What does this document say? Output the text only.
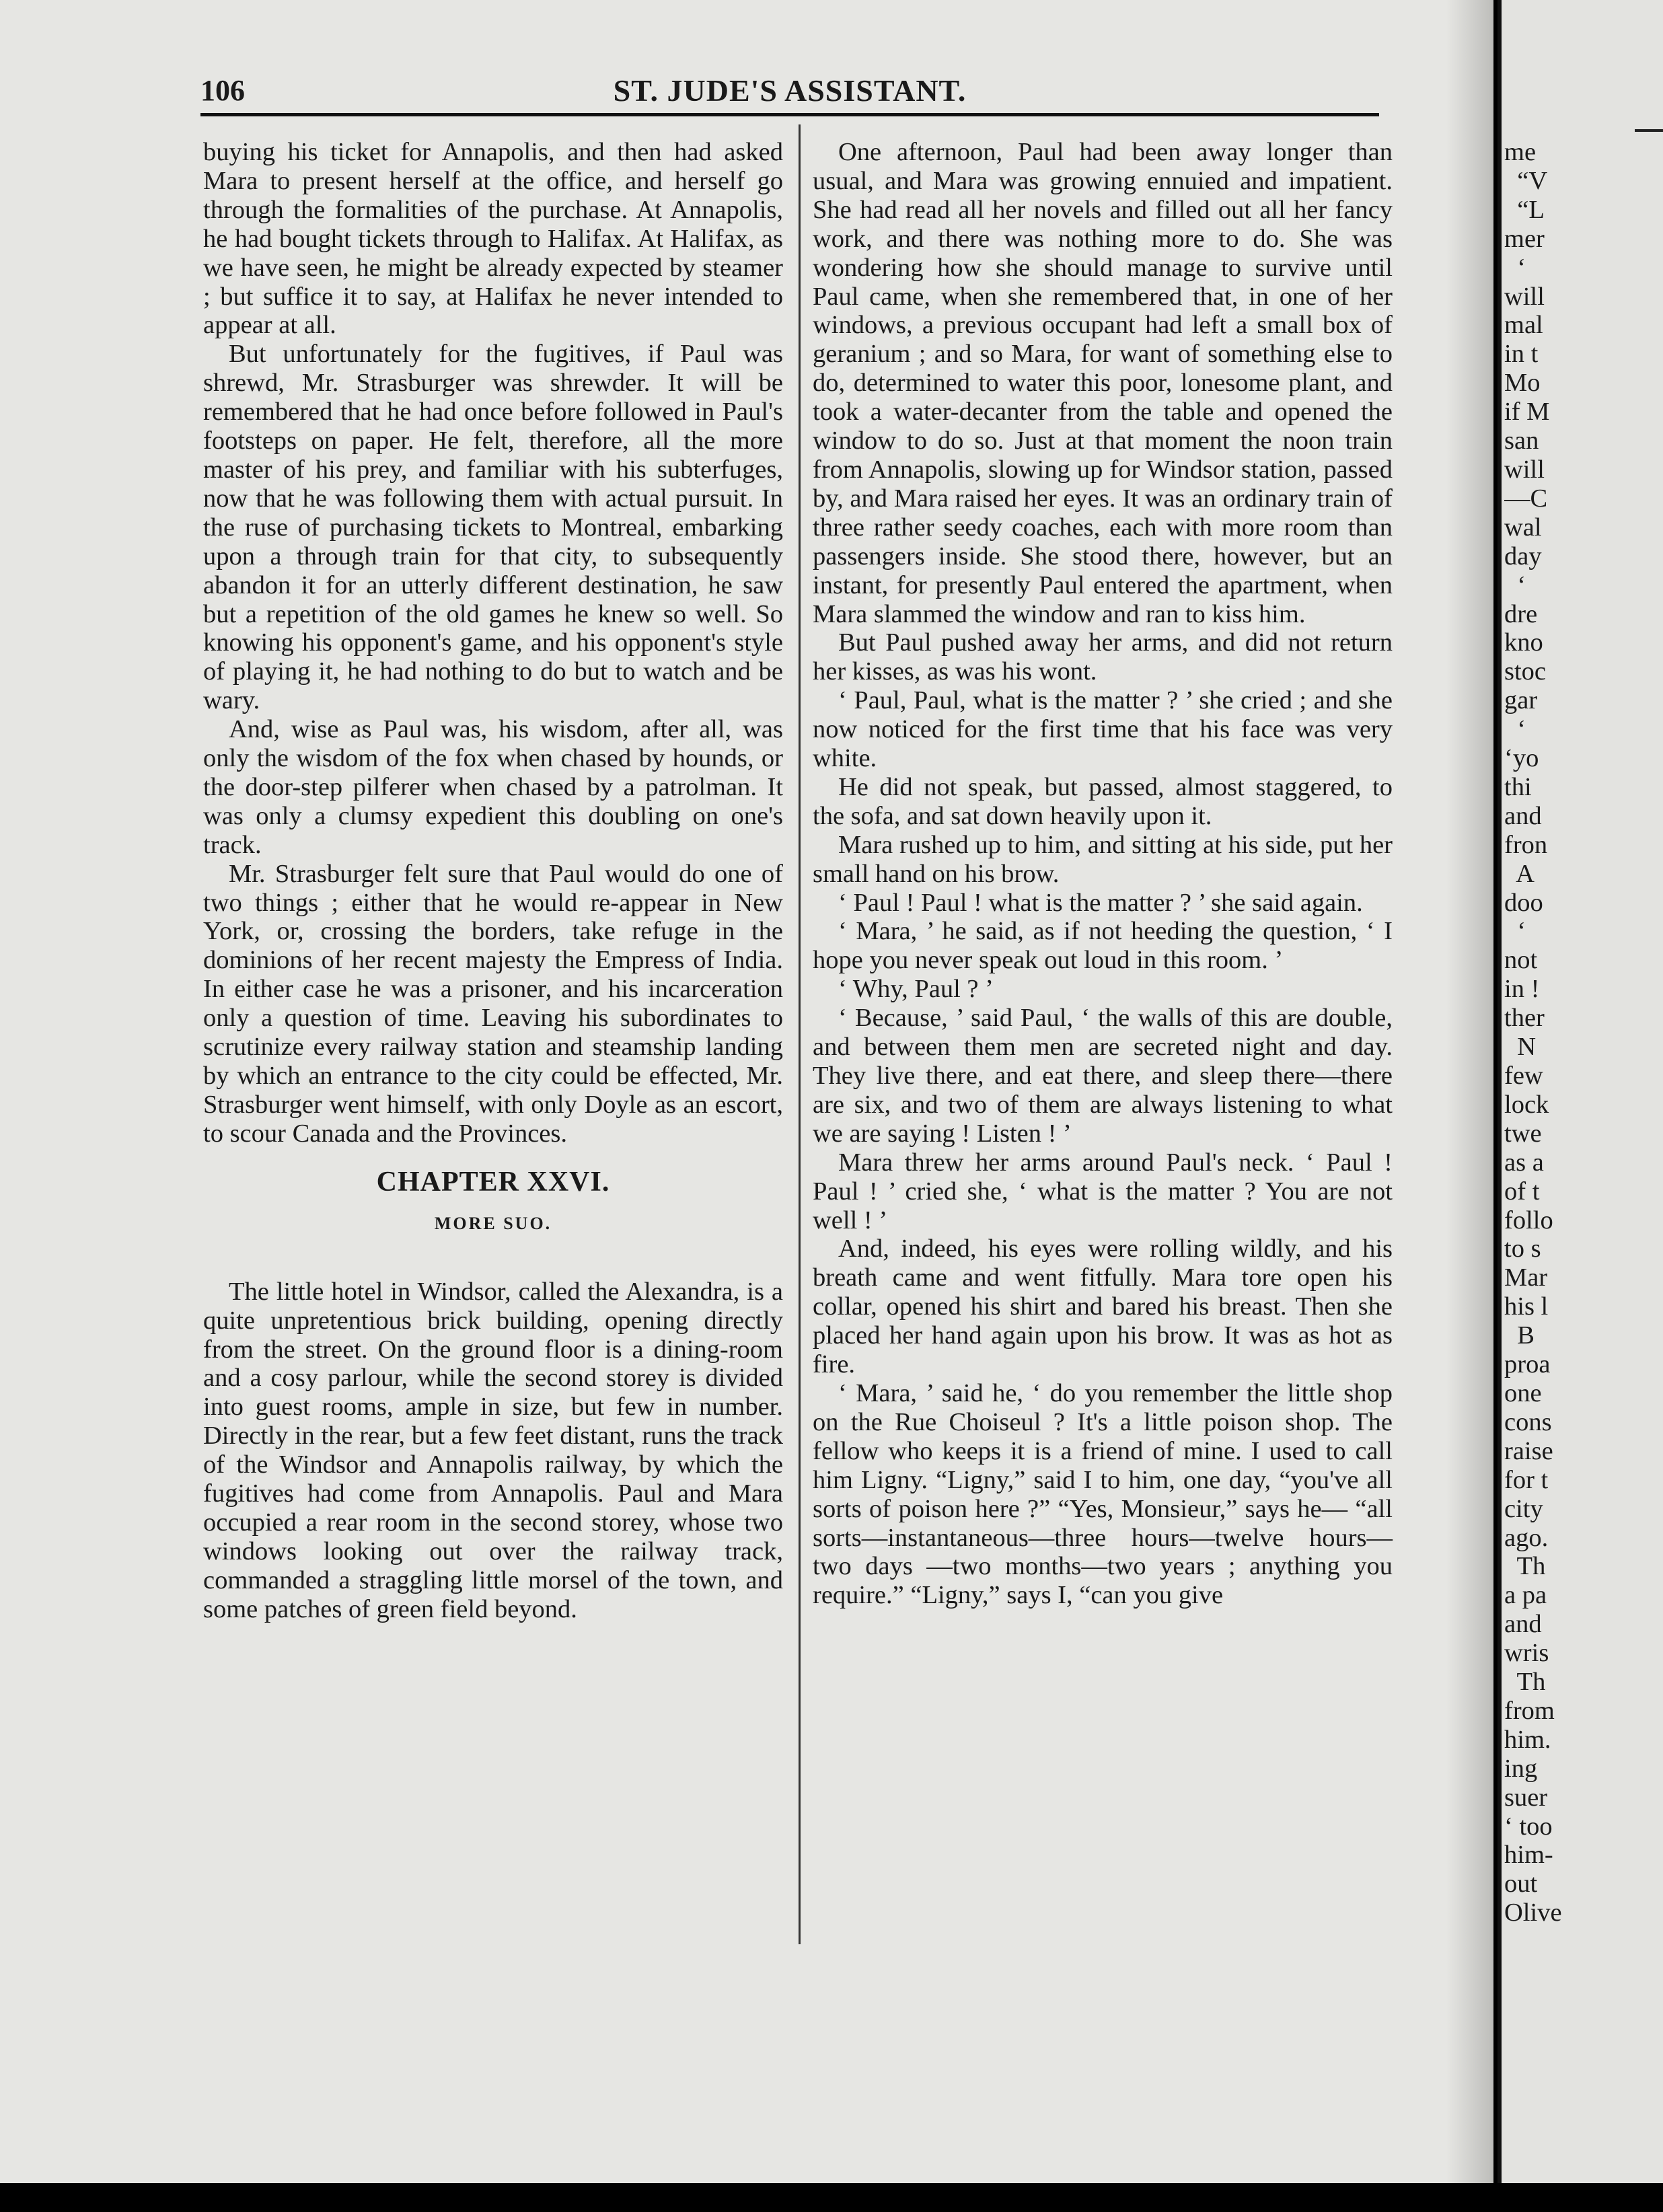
106	ST. JUDE'S ASSISTANT.

buying his ticket for Annapolis, and then had asked Mara to present herself at the office, and herself go through the formalities of the purchase. At Annapolis, he had bought tickets through to Halifax. At Halifax, as we have seen, he might be already expected by steamer ; but suffice it to say, at Halifax he never intended to appear at all.

But unfortunately for the fugitives, if Paul was shrewd, Mr. Strasburger was shrewder. It will be remembered that he had once before followed in Paul's footsteps on paper. He felt, therefore, all the more master of his prey, and familiar with his subterfuges, now that he was following them with actual pursuit. In the ruse of purchasing tickets to Montreal, embarking upon a through train for that city, to subsequently abandon it for an utterly different destination, he saw but a repetition of the old games he knew so well. So knowing his opponent's game, and his opponent's style of playing it, he had nothing to do but to watch and be wary.

And, wise as Paul was, his wisdom, after all, was only the wisdom of the fox when chased by hounds, or the door-step pilferer when chased by a patrolman. It was only a clumsy expedient this doubling on one's track.

Mr. Strasburger felt sure that Paul would do one of two things ; either that he would re-appear in New York, or, crossing the borders, take refuge in the dominions of her recent majesty the Empress of India. In either case he was a prisoner, and his incarceration only a question of time. Leaving his subordinates to scrutinize every railway station and steamship landing by which an entrance to the city could be effected, Mr. Strasburger went himself, with only Doyle as an escort, to scour Canada and the Provinces.

CHAPTER XXVI.
MORE SUO.

The little hotel in Windsor, called the Alexandra, is a quite unpretentious brick building, opening directly from the street. On the ground floor is a dining-room and a cosy parlour, while the second storey is divided into guest rooms, ample in size, but few in number. Directly in the rear, but a few feet distant, runs the track of the Windsor and Annapolis railway, by which the fugitives had come from Annapolis. Paul and Mara occupied a rear room in the second storey, whose two windows looking out over the railway track, commanded a straggling little morsel of the town, and some patches of green field beyond.

One afternoon, Paul had been away longer than usual, and Mara was growing ennuied and impatient. She had read all her novels and filled out all her fancy work, and there was nothing more to do. She was wondering how she should manage to survive until Paul came, when she remembered that, in one of her windows, a previous occupant had left a small box of geranium ; and so Mara, for want of something else to do, determined to water this poor, lonesome plant, and took a water-decanter from the table and opened the window to do so. Just at that moment the noon train from Annapolis, slowing up for Windsor station, passed by, and Mara raised her eyes. It was an ordinary train of three rather seedy coaches, each with more room than passengers inside. She stood there, however, but an instant, for presently Paul entered the apartment, when Mara slammed the window and ran to kiss him.

But Paul pushed away her arms, and did not return her kisses, as was his wont.

‘ Paul, Paul, what is the matter ? ’ she cried ; and she now noticed for the first time that his face was very white.

He did not speak, but passed, almost staggered, to the sofa, and sat down heavily upon it.

Mara rushed up to him, and sitting at his side, put her small hand on his brow.

‘ Paul ! Paul ! what is the matter ? ’ she said again.

‘ Mara, ’ he said, as if not heeding the question, ‘ I hope you never speak out loud in this room. ’

‘ Why, Paul ? ’

‘ Because, ’ said Paul, ‘ the walls of this are double, and between them men are secreted night and day. They live there, and eat there, and sleep there—there are six, and two of them are always listening to what we are saying ! Listen ! ’

Mara threw her arms around Paul's neck. ‘ Paul ! Paul ! ’ cried she, ‘ what is the matter ? You are not well ! ’

And, indeed, his eyes were rolling wildly, and his breath came and went fitfully. Mara tore open his collar, opened his shirt and bared his breast. Then she placed her hand again upon his brow. It was as hot as fire.

‘ Mara, ’ said he, ‘ do you remember the little shop on the Rue Choiseul ? It's a little poison shop. The fellow who keeps it is a friend of mine. I used to call him Ligny. “Ligny,” said I to him, one day, “you've all sorts of poison here ?” “Yes, Monsieur,” says he— “all sorts—instantaneous—three hours—twelve hours—two days —two months—two years ; anything you require.” “Ligny,” says I, “can you give

me
“V
“L
mer
‘
will
mal
in t
Mo
if M
san
will
—C
wal
day
‘
dre
kno
stoc
gar
‘
‘yo
thi
and
fron
A
doo
‘
not
in !
ther
N
few
lock
twe
as a
of t
follo
to s
Mar
his l
B
proa
one
cons
raise
for t
city
ago.
Th
a pa
and
wris
Th
from
him.
ing
suer
‘ too
him-
out
Olive
